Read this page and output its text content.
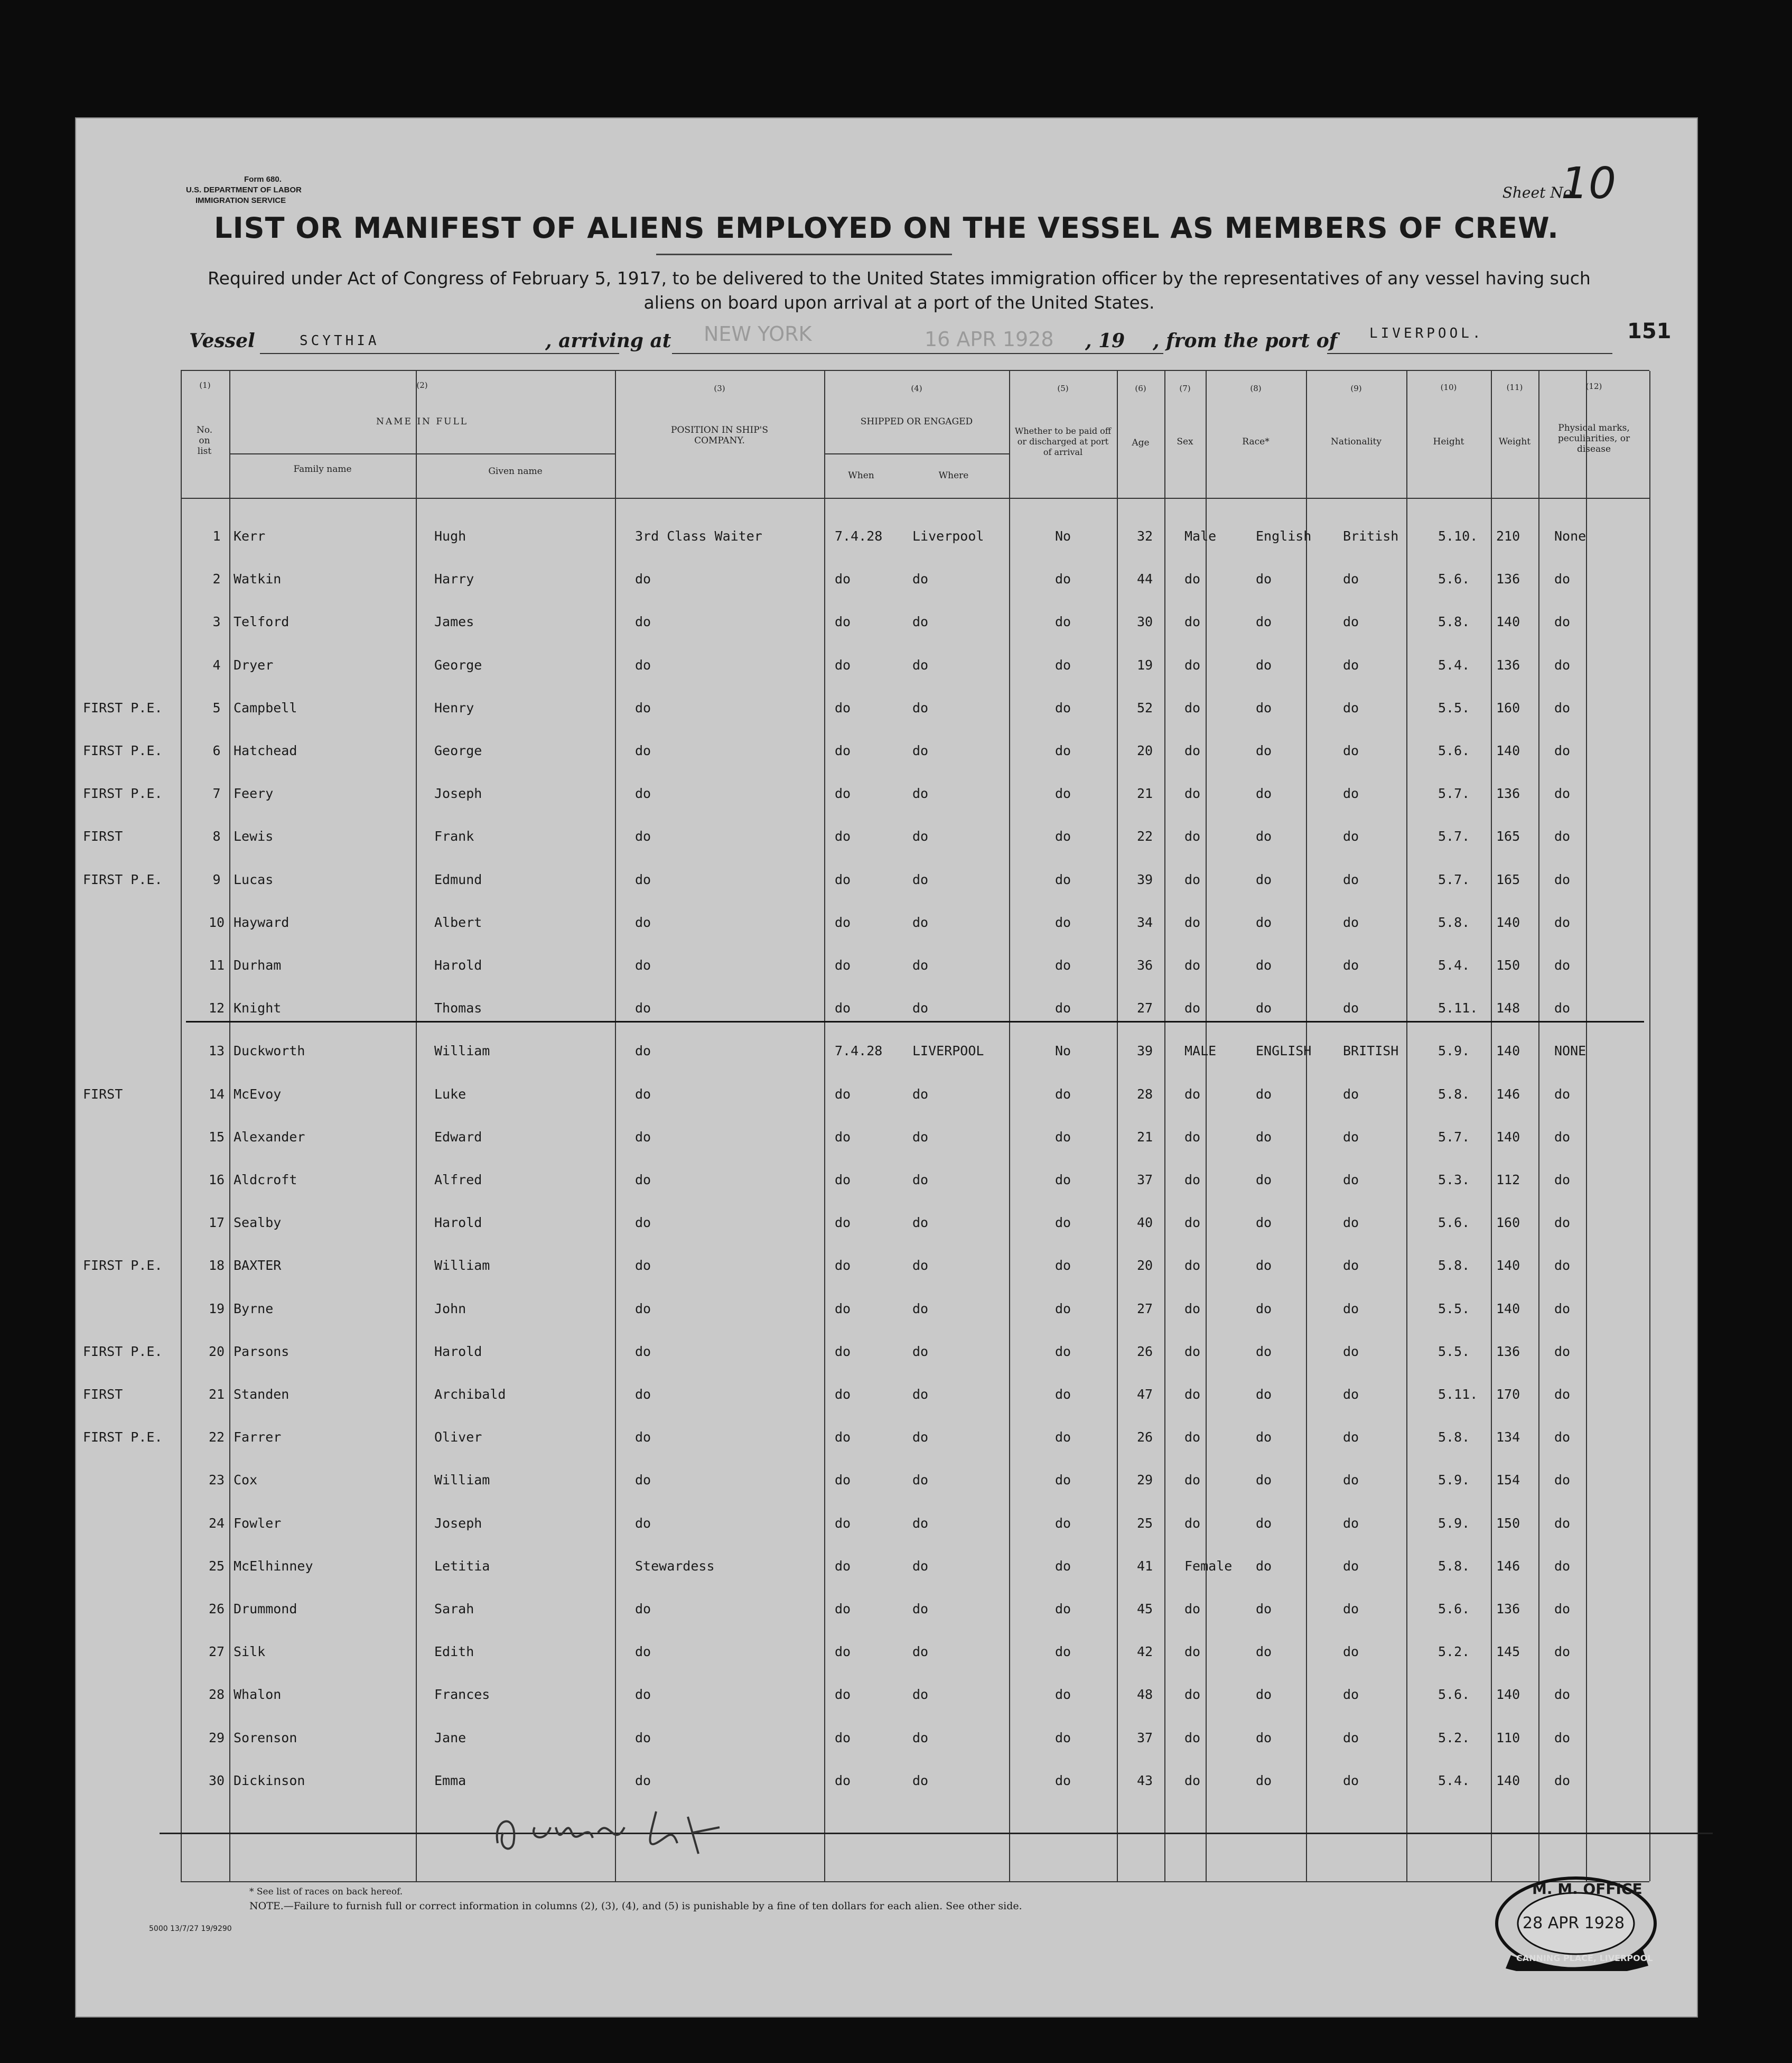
Form 680.
U.S. DEPARTMENT OF LABOR
IMMIGRATION SERVICE	Sheet No.
10
LIST OR MANIFEST OF ALIENS EMPLOYED ON THE VESSEL AS MEMBERS OF CREW.
Required under Act of Congress of February 5, 1917, to be delivered to the United States immigration officer by the representatives of any vessel having such
aliens on board upon arrival at a port of the United States.
Vessel	SCYTHIA	, arriving at NEW YORK	16 APR 1928 , 19 , from the port of LIVERPOOL.	151
(1)
No. on list
(2)
NAME IN FULL
Family name	Given name
(3)
POSITION IN SHIP'S COMPANY.
(4)
SHIPPED OR ENGAGED
When	Where
(5)
Whether to be paid off or discharged at port of arrival
(6)
Age
(7)
Sex
(8)
Race*
(9)
Nationality
(10)
Height
(11)
Weight
(12)
Physical marks, peculiarities, or disease
1 Kerr	Hugh	3rd Class Waiter	7.4.28 Liverpool	No	32 Male	English British	5.10. 210	None
2 Watkin	Harry	do	do	do	do	44 do	do	do	5.6. 136	do
3 Telford	James	do	do	do	do	30 do	do	do	5.8. 140	do
4 Dryer	George	do	do	do	do	19 do	do	do	5.4. 136	do
FIRST P.E.	5 Campbell	Henry	do	do	do	do	52 do	do	do	5.5. 160	do
FIRST P.E.	6 Hatchead	George	do	do	do	do	20 do	do	do	5.6. 140	do
FIRST P.E.	7 Feery	Joseph	do	do	do	do	21 do	do	do	5.7. 136	do
FIRST	8 Lewis	Frank	do	do	do	do	22 do	do	do	5.7. 165	do
FIRST P.E.	9 Lucas	Edmund	do	do	do	do	39 do	do	do	5.7. 165	do
10 Hayward	Albert	do	do	do	do	34 do	do	do	5.8. 140	do
11 Durham	Harold	do	do	do	do	36 do	do	do	5.4. 150	do
12 Knight	Thomas	do	do	do	do	27 do	do	do	5.11. 148	do
13 Duckworth	William	do	7.4.28 LIVERPOOL	No	39 MALE	ENGLISH BRITISH	5.9. 140	NONE
FIRST	14 McEvoy	Luke	do	do	do	do	28 do	do	do	5.8. 146	do
15 Alexander	Edward	do	do	do	do	21 do	do	do	5.7. 140	do
16 Aldcroft	Alfred	do	do	do	do	37 do	do	do	5.3. 112	do
17 Sealby	Harold	do	do	do	do	40 do	do	do	5.6. 160	do
FIRST P.E.	18 BAXTER	William	do	do	do	do	20 do	do	do	5.8. 140	do
19 Byrne	John	do	do	do	do	27 do	do	do	5.5. 140	do
FIRST P.E.	20 Parsons	Harold	do	do	do	do	26 do	do	do	5.5. 136	do
FIRST	21 Standen	Archibald	do	do	do	do	47 do	do	do	5.11. 170	do
FIRST P.E.	22 Farrer	Oliver	do	do	do	do	26 do	do	do	5.8. 134	do
23 Cox	William	do	do	do	do	29 do	do	do	5.9. 154	do
24 Fowler	Joseph	do	do	do	do	25 do	do	do	5.9. 150	do
25 McElhinney	Letitia	Stewardess	do	do	do	41 Female do	do	5.8. 146	do
26 Drummond	Sarah	do	do	do	do	45 do	do	do	5.6. 136	do
27 Silk	Edith	do	do	do	do	42 do	do	do	5.2. 145	do
28 Whalon	Frances	do	do	do	do	48 do	do	do	5.6. 140	do
29 Sorenson	Jane	do	do	do	do	37 do	do	do	5.2. 110	do
30 Dickinson	Emma	do	do	do	do	43 do	do	do	5.4. 140	do
* See list of races on back hereof.
NOTE.—Failure to furnish full or correct information in columns (2), (3), (4), and (5) is punishable by a fine of ten dollars for each alien. See other side.
5000 13/7/27 19/9290
M. M. OFFICE
28 APR 1928
CANNING PLACE, LIVERPOOL
